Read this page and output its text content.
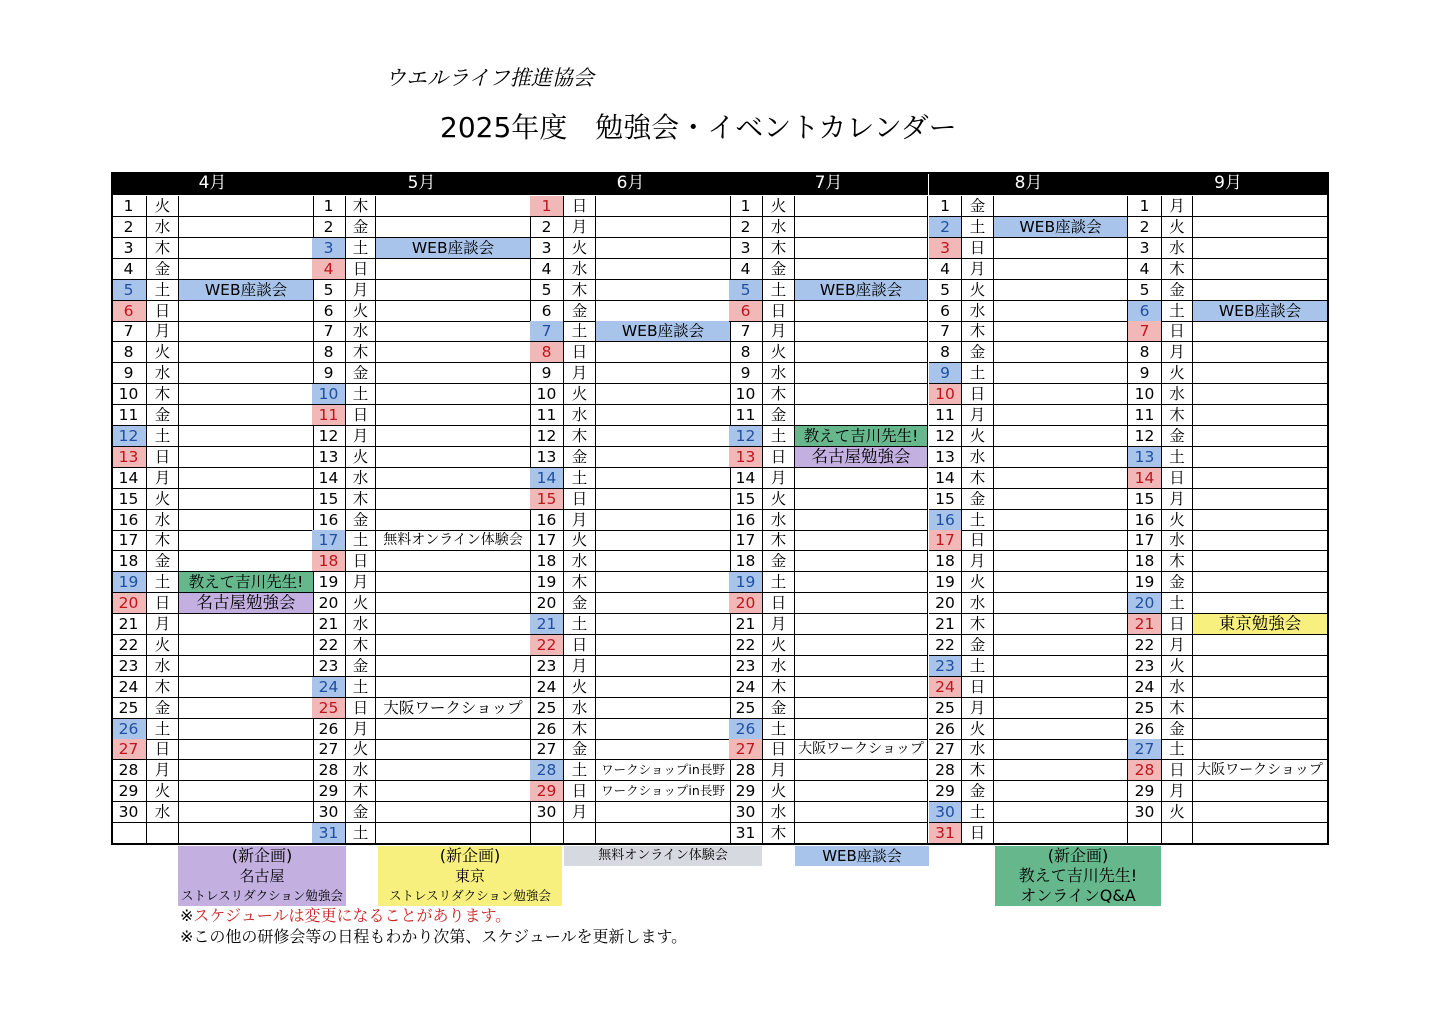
ウエルライフ推進協会
2025年度　勉強会・イベントカレンダー
4月
1	火
2	水
3	木
4	金
5	土	WEB座談会
6	日
7	月
8	火
9	水
10	木
11	金
12	土
13	日
14	月
15	火
16	水
17	木
18	金
19	土	教えて吉川先生!
20	日	名古屋勉強会
21	月
22	火
23	水
24	木
25	金
26	土
27	日
28	月
29	火
30	水
5月
1	木
2	金
3	土	WEB座談会
4	日
5	月
6	火
7	水
8	木
9	金
10 土
11 日
12 月
13 火
14 水
15 木
16 金
17 土	無料オンライン体験会
18 日
19 月
20 火
21 水
22 木
23 金
24 土
25 日 大阪ワークショップ
26 月
27 火
28 水
29 木
30 金
31 土
6月
1	日
2	月
3	火
4	水
5	木
6	金
7	土	WEB座談会
8	日
9	月
10 火
11 水
12 木
13 金
14 土
15 日
16 月
17 火
18 水
19 木
20 金
21 土
22 日
23 月
24 火
25 水
26 木
27 金
28 土	ワークショップin長野
29 日	ワークショップin長野
30 月
7月
1	火
2	水
3	木
4	金
5	土	WEB座談会
6	日
7	月
8	火
9	水
10 木
11 金
12 土	教えて吉川先生!
13 日	名古屋勉強会
14 月
15 火
16 水
17 木
18 金
19 土
20 日
21 月
22 火
23 水
24 木
25 金
26 土
27 日 大阪ワークショップ
28 月
29 火
30 水
31 木
8月
1	金
2	土	WEB座談会
3	日
4	月
5	火
6	水
7	木
8	金
9	土
10 日
11 月
12 火
13 水
14 木
15 金
16 土
17 日
18 月
19 火
20 水
21 木
22 金
23 土
24 日
25 月
26 火
27 水
28 木
29 金
30 土
31 日
9月
1	月
2	火
3	水
4	木
5	金
6	土	WEB座談会
7	日
8	月
9	火
10 水
11 木
12 金
13 土
14 日
15 月
16 火
17 水
18 木
19 金
20 土
21 日	東京勉強会
22 月
23 火
24 水
25 木
26 金
27 土
28 日 大阪ワークショップ
29 月
30 火
(新企画)
名古屋
ストレスリダクション勉強会
(新企画)
東京
ストレスリダクション勉強会
無料オンライン体験会	WEB座談会	(新企画)
教えて吉川先生!
オンラインQ&A
※スケジュールは変更になることがあります。
※この他の研修会等の日程もわかり次第、スケジュールを更新します。
